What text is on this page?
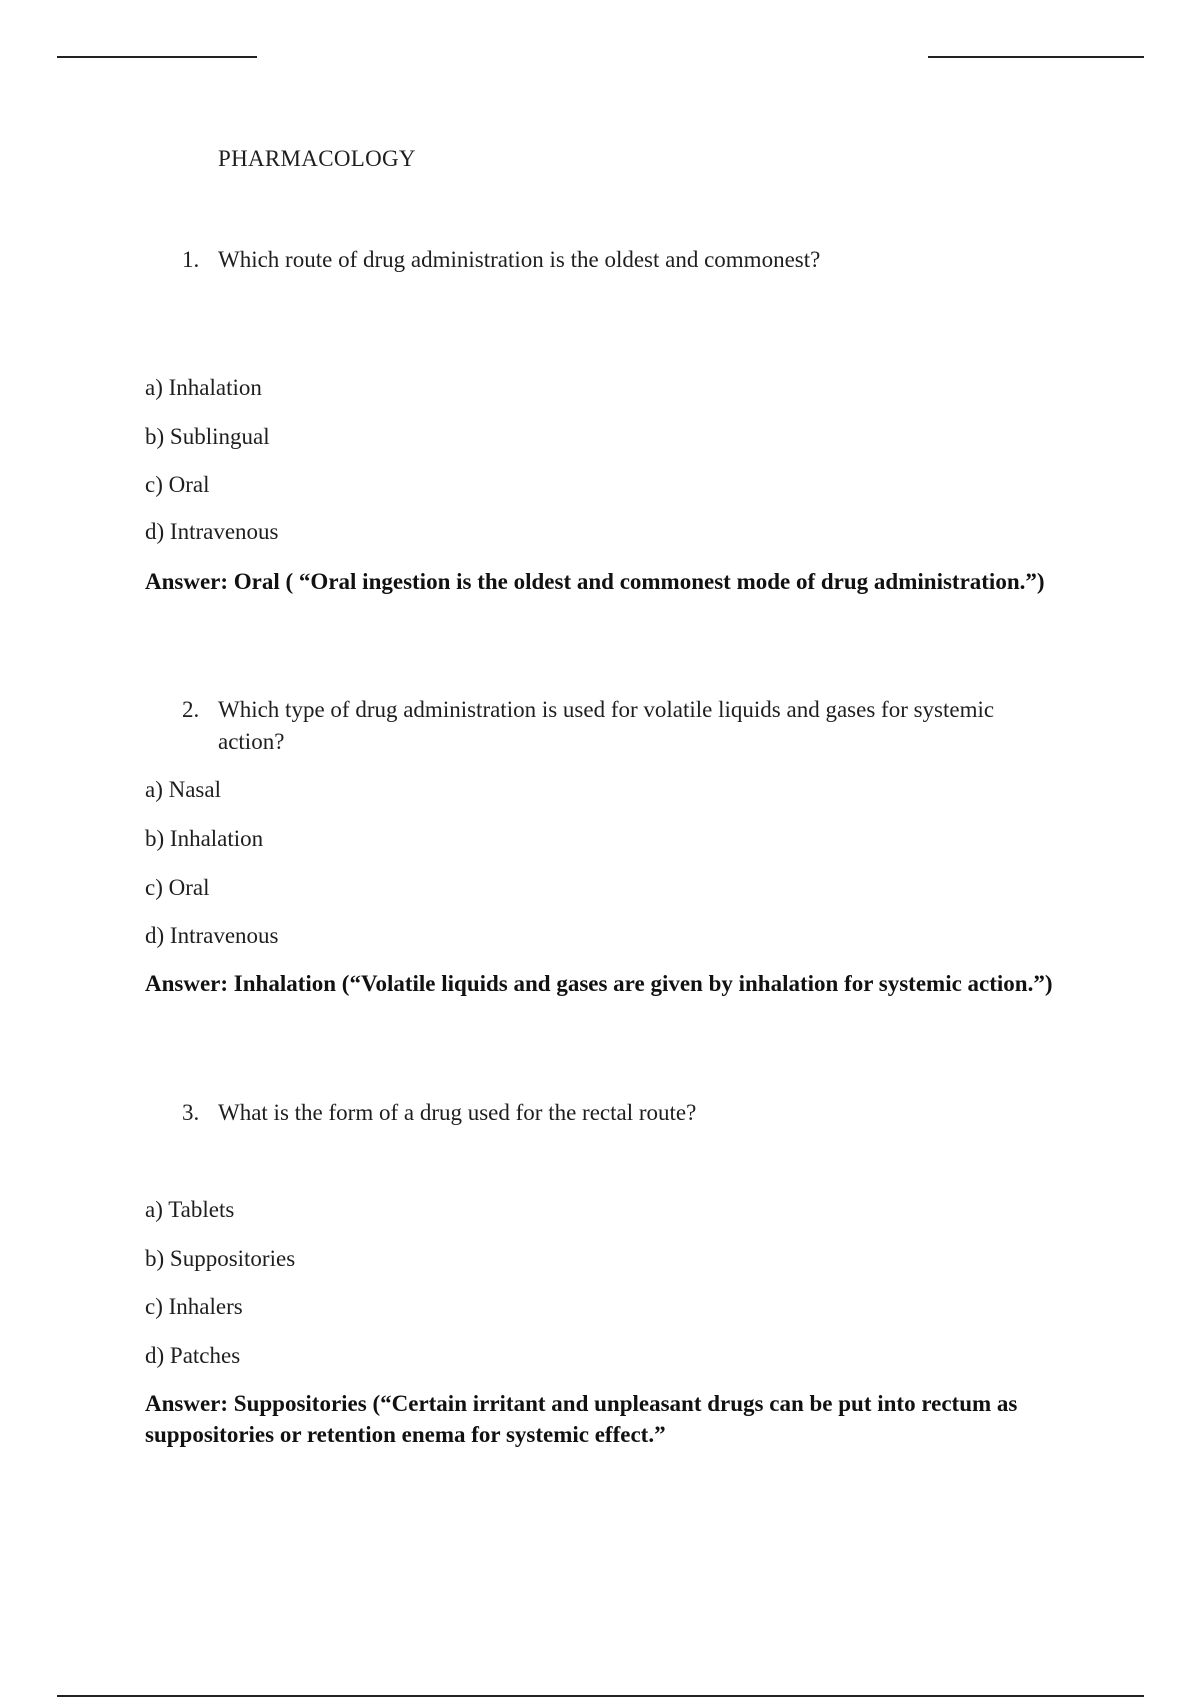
PHARMACOLOGY
1. Which route of drug administration is the oldest and commonest?
a) Inhalation
b) Sublingual
c) Oral
d) Intravenous
Answer: Oral ( “Oral ingestion is the oldest and commonest mode of drug administration.”)
2. Which type of drug administration is used for volatile liquids and gases for systemic action?
a) Nasal
b) Inhalation
c) Oral
d) Intravenous
Answer: Inhalation (“Volatile liquids and gases are given by inhalation for systemic action.”)
3. What is the form of a drug used for the rectal route?
a) Tablets
b) Suppositories
c) Inhalers
d) Patches
Answer: Suppositories (“Certain irritant and unpleasant drugs can be put into rectum as suppositories or retention enema for systemic effect.”
